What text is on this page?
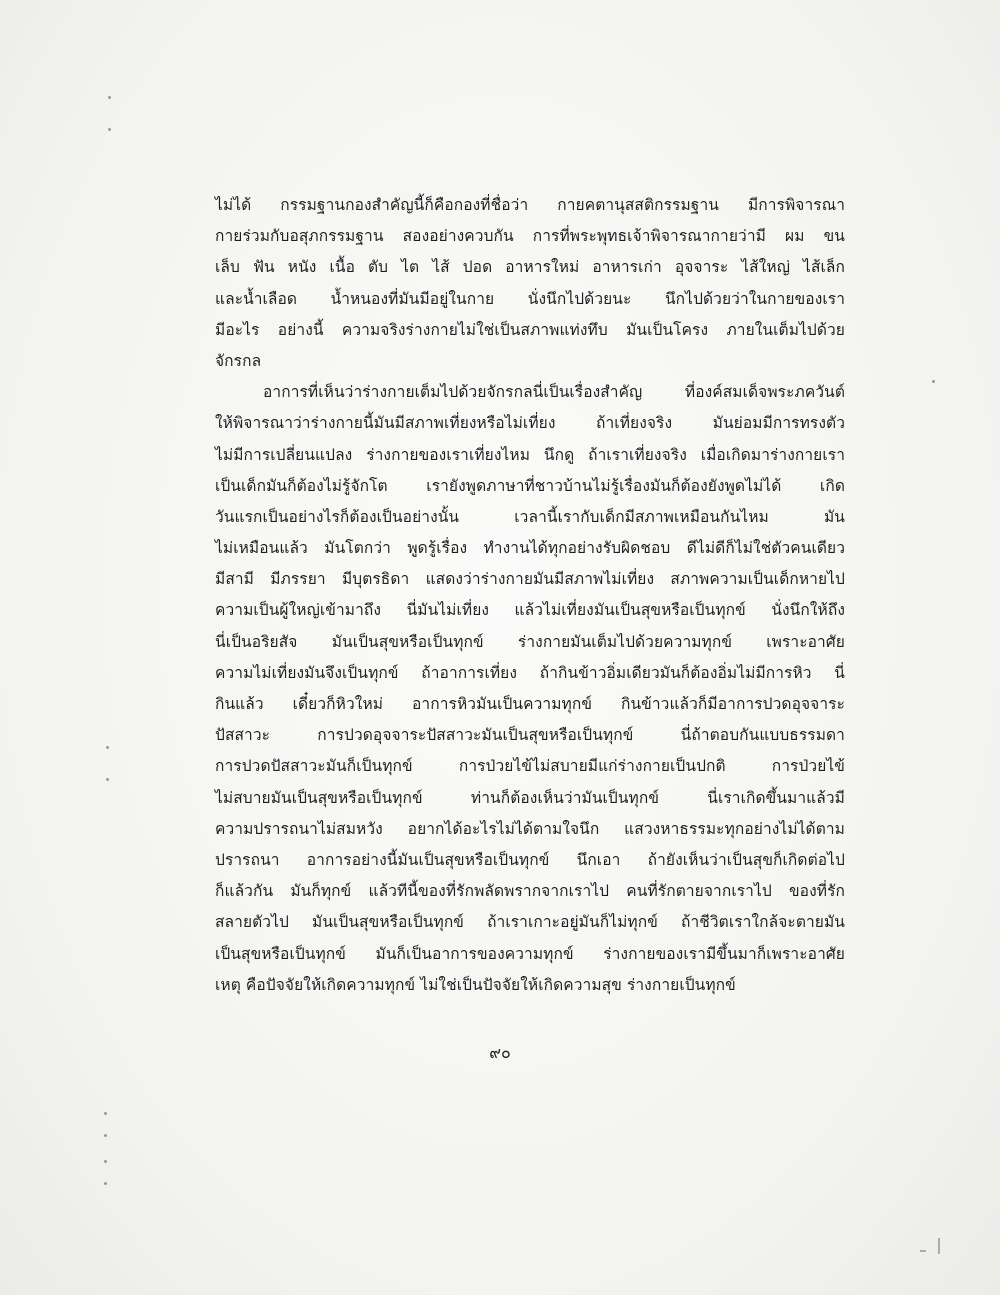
ไม่ได้ กรรมฐานกองสำคัญนี้ก็คือกองที่ชื่อว่า กายคตานุสสติกรรมฐาน มีการพิจารณา
กายร่วมกับอสุภกรรมฐาน สองอย่างควบกัน การที่พระพุทธเจ้าพิจารณากายว่ามี ผม ขน
เล็บ ฟัน หนัง เนื้อ ตับ ไต ไส้ ปอด อาหารใหม่ อาหารเก่า อุจจาระ ไส้ใหญ่ ไส้เล็ก
และน้ำเลือด น้ำหนองที่มันมีอยู่ในกาย นั่งนึกไปด้วยนะ นึกไปด้วยว่าในกายของเรา
มีอะไร อย่างนี้ ความจริงร่างกายไม่ใช่เป็นสภาพแท่งทึบ มันเป็นโครง ภายในเต็มไปด้วย
จักรกล
อาการที่เห็นว่าร่างกายเต็มไปด้วยจักรกลนี่เป็นเรื่องสำคัญ ที่องค์สมเด็จพระภควันต์
ให้พิจารณาว่าร่างกายนี้มันมีสภาพเที่ยงหรือไม่เที่ยง ถ้าเที่ยงจริง มันย่อมมีการทรงตัว
ไม่มีการเปลี่ยนแปลง ร่างกายของเราเที่ยงไหม นึกดู ถ้าเราเที่ยงจริง เมื่อเกิดมาร่างกายเรา
เป็นเด็กมันก็ต้องไม่รู้จักโต เรายังพูดภาษาที่ชาวบ้านไม่รู้เรื่องมันก็ต้องยังพูดไม่ได้ เกิด
วันแรกเป็นอย่างไรก็ต้องเป็นอย่างนั้น เวลานี้เรากับเด็กมีสภาพเหมือนกันไหม มัน
ไม่เหมือนแล้ว มันโตกว่า พูดรู้เรื่อง ทำงานได้ทุกอย่างรับผิดชอบ ดีไม่ดีก็ไม่ใช่ตัวคนเดียว
มีสามี มีภรรยา มีบุตรธิดา แสดงว่าร่างกายมันมีสภาพไม่เที่ยง สภาพความเป็นเด็กหายไป
ความเป็นผู้ใหญ่เข้ามาถึง นี่มันไม่เที่ยง แล้วไม่เที่ยงมันเป็นสุขหรือเป็นทุกข์ นั่งนึกให้ถึง
นี่เป็นอริยสัจ มันเป็นสุขหรือเป็นทุกข์ ร่างกายมันเต็มไปด้วยความทุกข์ เพราะอาศัย
ความไม่เที่ยงมันจึงเป็นทุกข์ ถ้าอาการเที่ยง ถ้ากินข้าวอิ่มเดียวมันก็ต้องอิ่มไม่มีการหิว นี่
กินแล้ว เดี๋ยวก็หิวใหม่ อาการหิวมันเป็นความทุกข์ กินข้าวแล้วก็มีอาการปวดอุจจาระ
ปัสสาวะ การปวดอุจจาระปัสสาวะมันเป็นสุขหรือเป็นทุกข์ นี่ถ้าตอบกันแบบธรรมดา
การปวดปัสสาวะมันก็เป็นทุกข์ การป่วยไข้ไม่สบายมีแก่ร่างกายเป็นปกติ การป่วยไข้
ไม่สบายมันเป็นสุขหรือเป็นทุกข์ ท่านก็ต้องเห็นว่ามันเป็นทุกข์ นี่เราเกิดขึ้นมาแล้วมี
ความปรารถนาไม่สมหวัง อยากได้อะไรไม่ได้ตามใจนึก แสวงหาธรรมะทุกอย่างไม่ได้ตาม
ปรารถนา อาการอย่างนี้มันเป็นสุขหรือเป็นทุกข์ นึกเอา ถ้ายังเห็นว่าเป็นสุขก็เกิดต่อไป
ก็แล้วกัน มันก็ทุกข์ แล้วทีนี้ของที่รักพลัดพรากจากเราไป คนที่รักตายจากเราไป ของที่รัก
สลายตัวไป มันเป็นสุขหรือเป็นทุกข์ ถ้าเราเกาะอยู่มันก็ไม่ทุกข์ ถ้าชีวิตเราใกล้จะตายมัน
เป็นสุขหรือเป็นทุกข์ มันก็เป็นอาการของความทุกข์ ร่างกายของเรามีขึ้นมาก็เพราะอาศัย
เหตุ คือปัจจัยให้เกิดความทุกข์ ไม่ใช่เป็นปัจจัยให้เกิดความสุข ร่างกายเป็นทุกข์
๙๐
